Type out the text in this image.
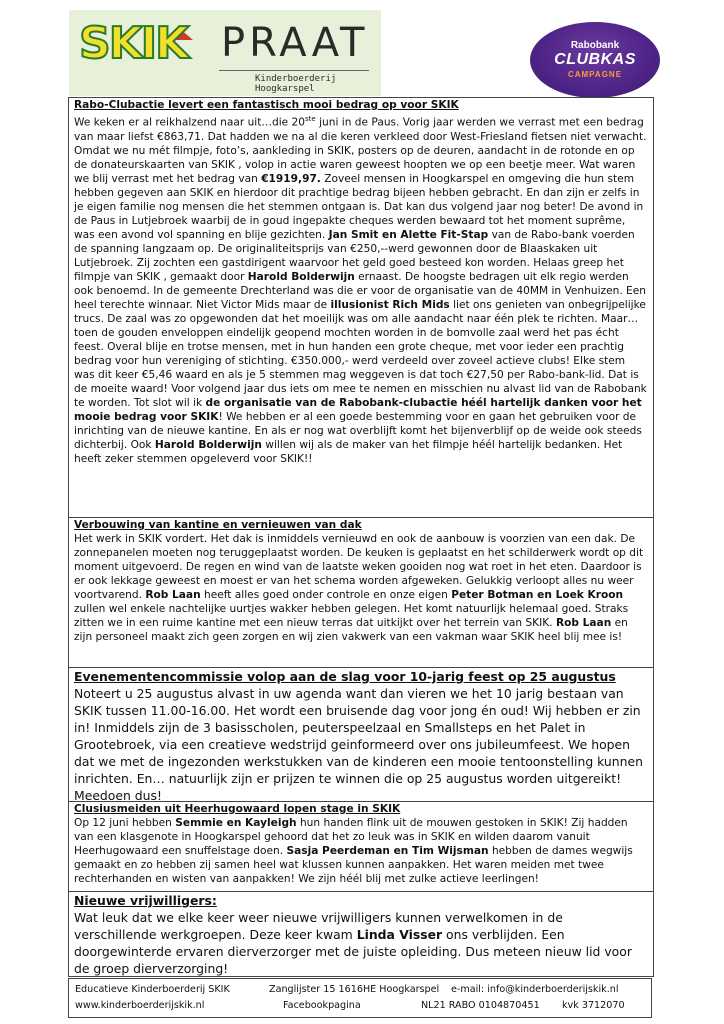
SKIK PRAAT
Kinderboerderij Hoogkarspel
Rabobank
CLUBKAS
CAMPAGNE
Rabo-Clubactie levert een fantastisch mooi bedrag op voor SKIK

We keken er al reikhalzend naar uit…die 20ste juni in de Paus. Vorig jaar werden we verrast met een bedrag van maar liefst €863,71. Dat hadden we na al die keren verkleed door West-Friesland fietsen niet verwacht. Omdat we nu mét filmpje, foto’s, aankleding in SKIK, posters op de deuren, aandacht in de rotonde en op de donateurskaarten van SKIK , volop in actie waren geweest hoopten we op een beetje meer. Wat waren we blij verrast met het bedrag van €1919,97. Zoveel mensen in Hoogkarspel en omgeving die hun stem hebben gegeven aan SKIK en hierdoor dit prachtige bedrag bijeen hebben gebracht. En dan zijn er zelfs in je eigen familie nog mensen die het stemmen ontgaan is. Dat kan dus volgend jaar nog beter! De avond in de Paus in Lutjebroek waarbij de in goud ingepakte cheques werden bewaard tot het moment suprême, was een avond vol spanning en blije gezichten. Jan Smit en Alette Fit-Stap van de Rabo-bank voerden de spanning langzaam op. De originaliteitsprijs van €250,--werd gewonnen door de Blaaskaken uit Lutjebroek. Zij zochten een gastdirigent waarvoor het geld goed besteed kon worden. Helaas greep het filmpje van SKIK , gemaakt door Harold Bolderwijn ernaast. De hoogste bedragen uit elk regio werden ook benoemd. In de gemeente Drechterland was die er voor de organisatie van de 40MM in Venhuizen. Een heel terechte winnaar. Niet Victor Mids maar de illusionist Rich Mids liet ons genieten van onbegrijpelijke trucs. De zaal was zo opgewonden dat het moeilijk was om alle aandacht naar één plek te richten. Maar…toen de gouden enveloppen eindelijk geopend mochten worden in de bomvolle zaal werd het pas écht feest. Overal blije en trotse mensen, met in hun handen een grote cheque, met voor ieder een prachtig bedrag voor hun vereniging of stichting. €350.000,- werd verdeeld over zoveel actieve clubs! Elke stem was dit keer €5,46 waard en als je 5 stemmen mag weggeven is dat toch €27,50 per Rabo-bank-lid. Dat is de moeite waard! Voor volgend jaar dus iets om mee te nemen en misschien nu alvast lid van de Rabobank te worden. Tot slot wil ik de organisatie van de Rabobank-clubactie héél hartelijk danken voor het mooie bedrag voor SKIK! We hebben er al een goede bestemming voor en gaan het gebruiken voor de inrichting van de nieuwe kantine. En als er nog wat overblijft komt het bijenverblijf op de weide ook steeds dichterbij. Ook Harold Bolderwijn willen wij als de maker van het filmpje héél hartelijk bedanken. Het heeft zeker stemmen opgeleverd voor SKIK!!

Verbouwing van kantine en vernieuwen van dak

Het werk in SKIK vordert. Het dak is inmiddels vernieuwd en ook de aanbouw is voorzien van een dak. De zonnepanelen moeten nog teruggeplaatst worden. De keuken is geplaatst en het schilderwerk wordt op dit moment uitgevoerd. De regen en wind van de laatste weken gooiden nog wat roet in het eten. Daardoor is er ook lekkage geweest en moest er van het schema worden afgeweken. Gelukkig verloopt alles nu weer voortvarend. Rob Laan heeft alles goed onder controle en onze eigen Peter Botman en Loek Kroon zullen wel enkele nachtelijke uurtjes wakker hebben gelegen. Het komt natuurlijk helemaal goed. Straks zitten we in een ruime kantine met een nieuw terras dat uitkijkt over het terrein van SKIK. Rob Laan en zijn personeel maakt zich geen zorgen en wij zien vakwerk van een vakman waar SKIK heel blij mee is!

Evenementencommissie volop aan de slag voor 10-jarig feest op 25 augustus

Noteert u 25 augustus alvast in uw agenda want dan vieren we het 10 jarig bestaan van SKIK tussen 11.00-16.00. Het wordt een bruisende dag voor jong én oud! Wij hebben er zin in! Inmiddels zijn de 3 basisscholen, peuterspeelzaal en Smallsteps en het Palet in Grootebroek, via een creatieve wedstrijd geinformeerd over ons jubileumfeest. We hopen dat we met de ingezonden werkstukken van de kinderen een mooie tentoonstelling kunnen inrichten. En… natuurlijk zijn er prijzen te winnen die op 25 augustus worden uitgereikt! Meedoen dus!

Clusiusmeiden uit Heerhugowaard lopen stage in SKIK

Op 12 juni hebben Semmie en Kayleigh hun handen flink uit de mouwen gestoken in SKIK! Zij hadden van een klasgenote in Hoogkarspel gehoord dat het zo leuk was in SKIK en wilden daarom vanuit Heerhugowaard een snuffelstage doen. Sasja Peerdeman en Tim Wijsman hebben de dames wegwijs gemaakt en zo hebben zij samen heel wat klussen kunnen aanpakken. Het waren meiden met twee rechterhanden en wisten van aanpakken! We zijn héél blij met zulke actieve leerlingen!

Nieuwe vrijwilligers:

Wat leuk dat we elke keer weer nieuwe vrijwilligers kunnen verwelkomen in de verschillende werkgroepen. Deze keer kwam Linda Visser ons verblijden. Een doorgewinterde ervaren dierverzorger met de juiste opleiding. Dus meteen nieuw lid voor de groep dierverzorging!

Educatieve Kinderboerderij SKIK	Zanglijster 15 1616HE Hoogkarspel e-mail: info@kinderboerderijskik.nl
www.kinderboerderijskik.nl	Facebookpagina	NL21 RABO 0104870451 kvk 3712070
